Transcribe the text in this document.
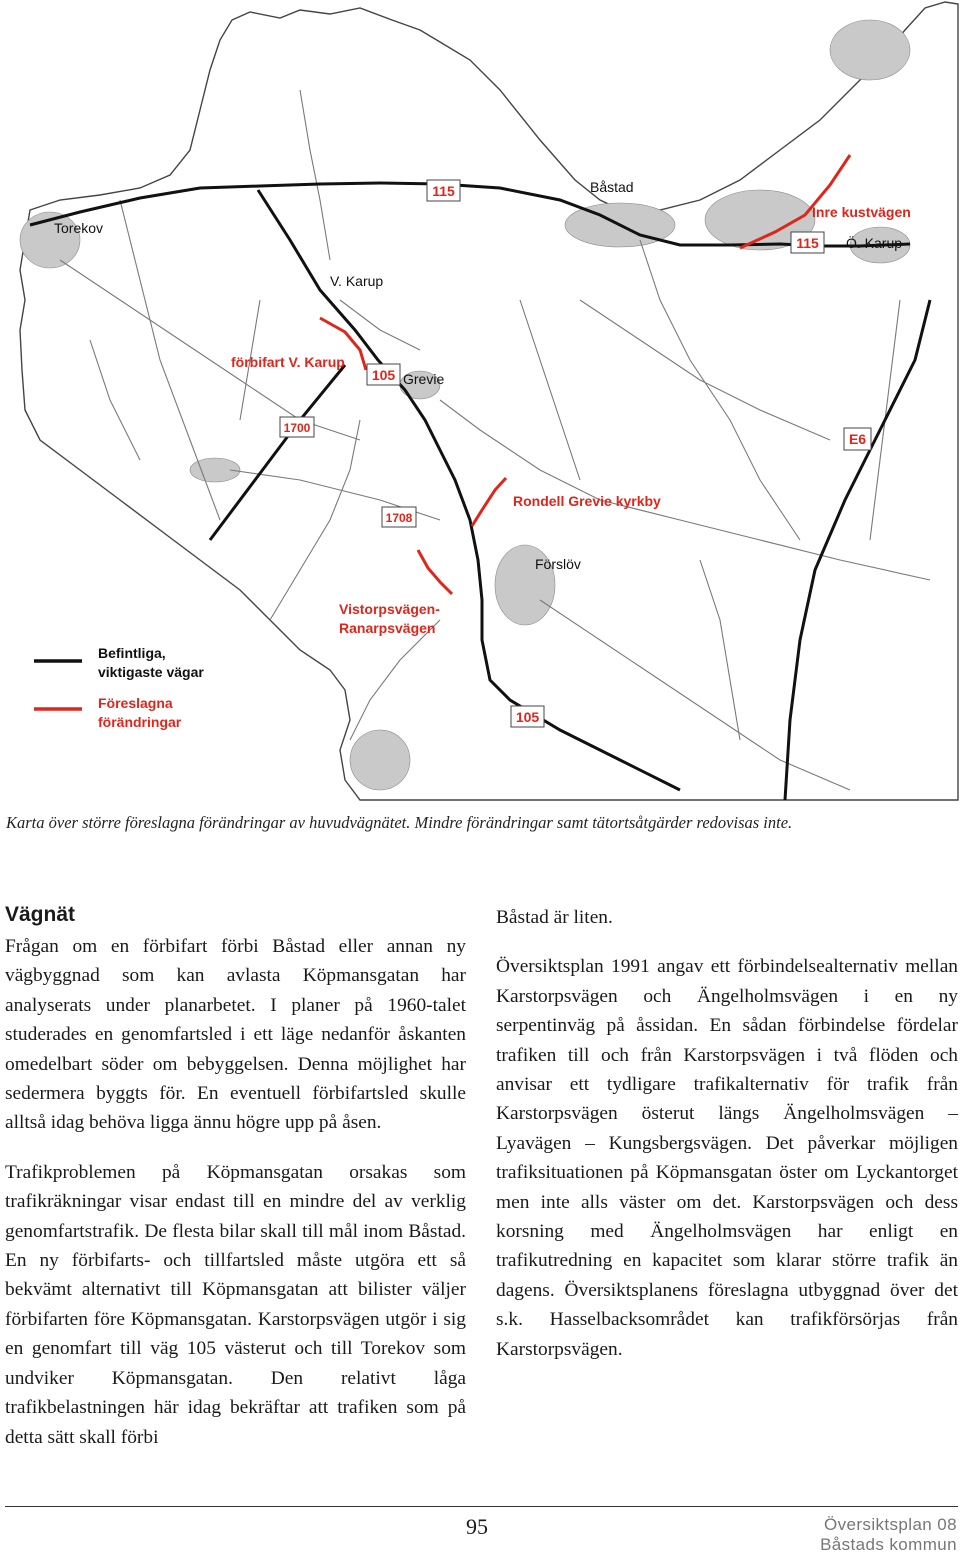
115
115
105
1700
E6
1708
105
Torekov
Båstad
V. Karup
Grevie
Förslöv
Ö. Karup
Inre kustvägen
förbifart V. Karup
Rondell Grevie kyrkby
Vistorpsvägen-
Ranarpsvägen
Befintliga,
viktigaste vägar
Föreslagna
förändringar
Karta över större föreslagna förändringar av huvudvägnätet. Mindre förändringar samt tätortsåtgärder redovisas inte.
Vägnät

Frågan om en förbifart förbi Båstad eller annan ny vägbyggnad som kan avlasta Köpmansgatan har analyserats under planarbetet. I planer på 1960-talet studerades en genomfartsled i ett läge nedanför åskanten omedelbart söder om bebyggelsen. Denna möjlighet har sedermera byggts för. En eventuell förbifartsled skulle alltså idag behöva ligga ännu högre upp på åsen.

Trafikproblemen på Köpmansgatan orsakas som trafikräkningar visar endast till en mindre del av verklig genomfartstrafik. De flesta bilar skall till mål inom Båstad. En ny förbifarts- och tillfartsled måste utgöra ett så bekvämt alternativt till Köpmansgatan att bilister väljer förbifarten före Köpmansgatan. Karstorpsvägen utgör i sig en genomfart till väg 105 västerut och till Torekov som undviker Köpmansgatan. Den relativt låga trafikbelastningen här idag bekräftar att trafiken som på detta sätt skall förbi

Båstad är liten.

Översiktsplan 1991 angav ett förbindelsealternativ mellan Karstorpsvägen och Ängelholmsvägen i en ny serpentinväg på åssidan. En sådan förbindelse fördelar trafiken till och från Karstorpsvägen i två flöden och anvisar ett tydligare trafikalternativ för trafik från Karstorpsvägen österut längs Ängelholmsvägen – Lyavägen – Kungsbergsvägen. Det påverkar möjligen trafiksituationen på Köpmansgatan öster om Lyckantorget men inte alls väster om det. Karstorpsvägen och dess korsning med Ängelholmsvägen har enligt en trafikutredning en kapacitet som klarar större trafik än dagens. Översiktsplanens föreslagna utbyggnad över det s.k. Hasselbacksområdet kan trafikförsörjas från Karstorpsvägen.

95	Översiktsplan 08
Båstads kommun
